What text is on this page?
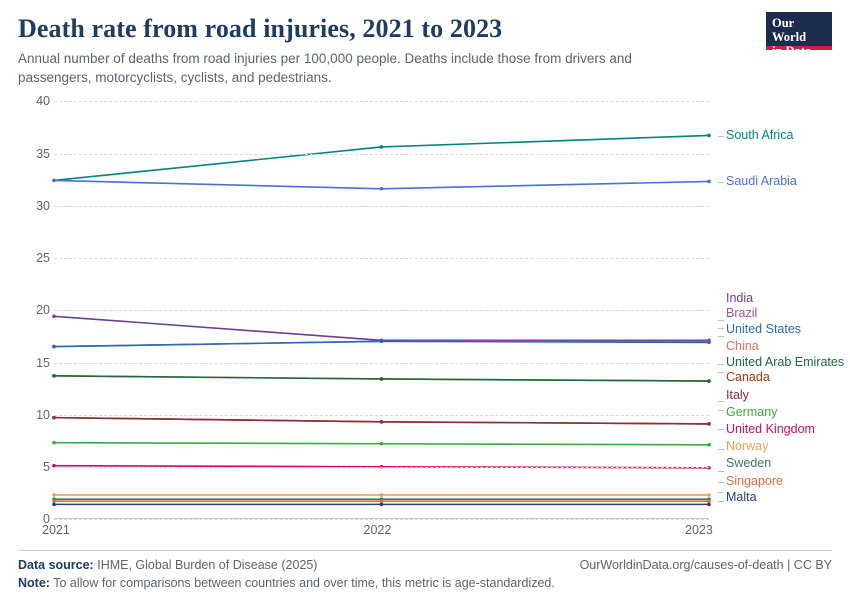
Our World
in Data
Death rate from road injuries, 2021 to 2023

Annual number of deaths from road injuries per 100,000 people. Deaths include those from drivers and passengers, motorcyclists, cyclists, and pedestrians.

0
5
10
15
20
25
30
35
40
2021	2022	2023
South Africa
Saudi Arabia
India
Brazil
United States
China
United Arab Emirates
Canada
Italy
Germany
United Kingdom
Norway
Sweden
Singapore
Malta
Data source: IHME, Global Burden of Disease (2025)	OurWorldinData.org/causes-of-death | CC BY
Note: To allow for comparisons between countries and over time, this metric is age-standardized.
